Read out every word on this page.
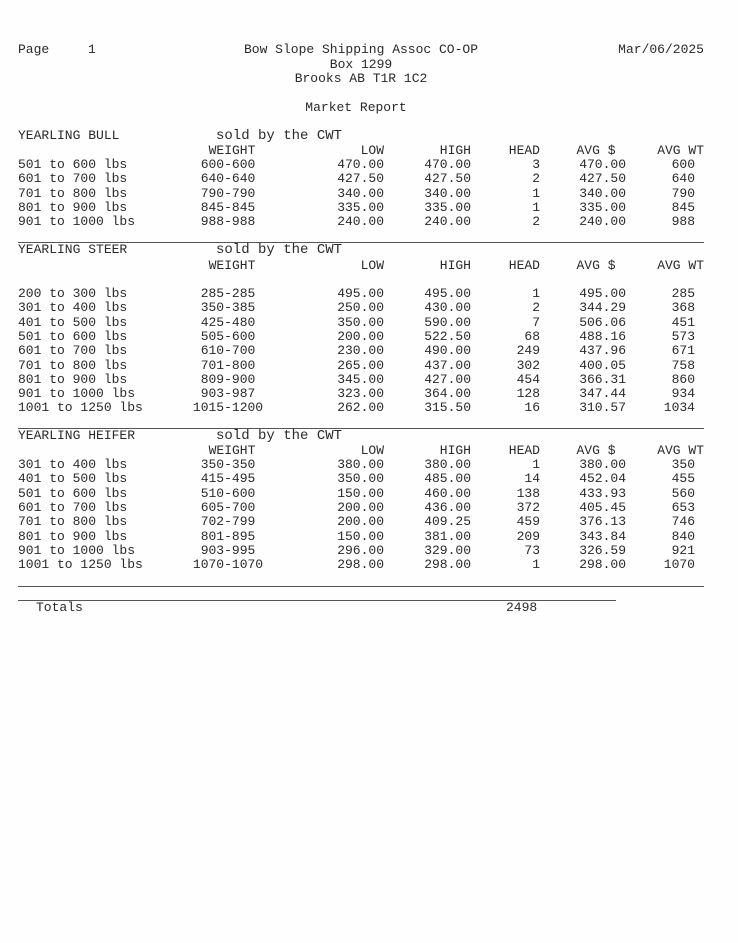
Page	1	Bow Slope Shipping Assoc CO-OP
Box 1299
Brooks AB T1R 1C2
Mar/06/2025
Market Report
YEARLING BULL	sold by the CWT
WEIGHT	LOW	HIGH	HEAD	AVG $	AVG WT
501 to 600 lbs	600-600	470.00	470.00	3	470.00	600
601 to 700 lbs	640-640	427.50	427.50	2	427.50	640
701 to 800 lbs	790-790	340.00	340.00	1	340.00	790
801 to 900 lbs	845-845	335.00	335.00	1	335.00	845
901 to 1000 lbs	988-988	240.00	240.00	2	240.00	988
YEARLING STEER	sold by the CWT
WEIGHT	LOW	HIGH	HEAD	AVG $	AVG WT
200 to 300 lbs	285-285	495.00	495.00	1	495.00	285
301 to 400 lbs	350-385	250.00	430.00	2	344.29	368
401 to 500 lbs	425-480	350.00	590.00	7	506.06	451
501 to 600 lbs	505-600	200.00	522.50	68	488.16	573
601 to 700 lbs	610-700	230.00	490.00	249	437.96	671
701 to 800 lbs	701-800	265.00	437.00	302	400.05	758
801 to 900 lbs	809-900	345.00	427.00	454	366.31	860
901 to 1000 lbs	903-987	323.00	364.00	128	347.44	934
1001 to 1250 lbs	1015-1200	262.00	315.50	16	310.57	1034
YEARLING HEIFER	sold by the CWT
WEIGHT	LOW	HIGH	HEAD	AVG $	AVG WT
301 to 400 lbs	350-350	380.00	380.00	1	380.00	350
401 to 500 lbs	415-495	350.00	485.00	14	452.04	455
501 to 600 lbs	510-600	150.00	460.00	138	433.93	560
601 to 700 lbs	605-700	200.00	436.00	372	405.45	653
701 to 800 lbs	702-799	200.00	409.25	459	376.13	746
801 to 900 lbs	801-895	150.00	381.00	209	343.84	840
901 to 1000 lbs	903-995	296.00	329.00	73	326.59	921
1001 to 1250 lbs	1070-1070	298.00	298.00	1	298.00	1070
Totals	2498
